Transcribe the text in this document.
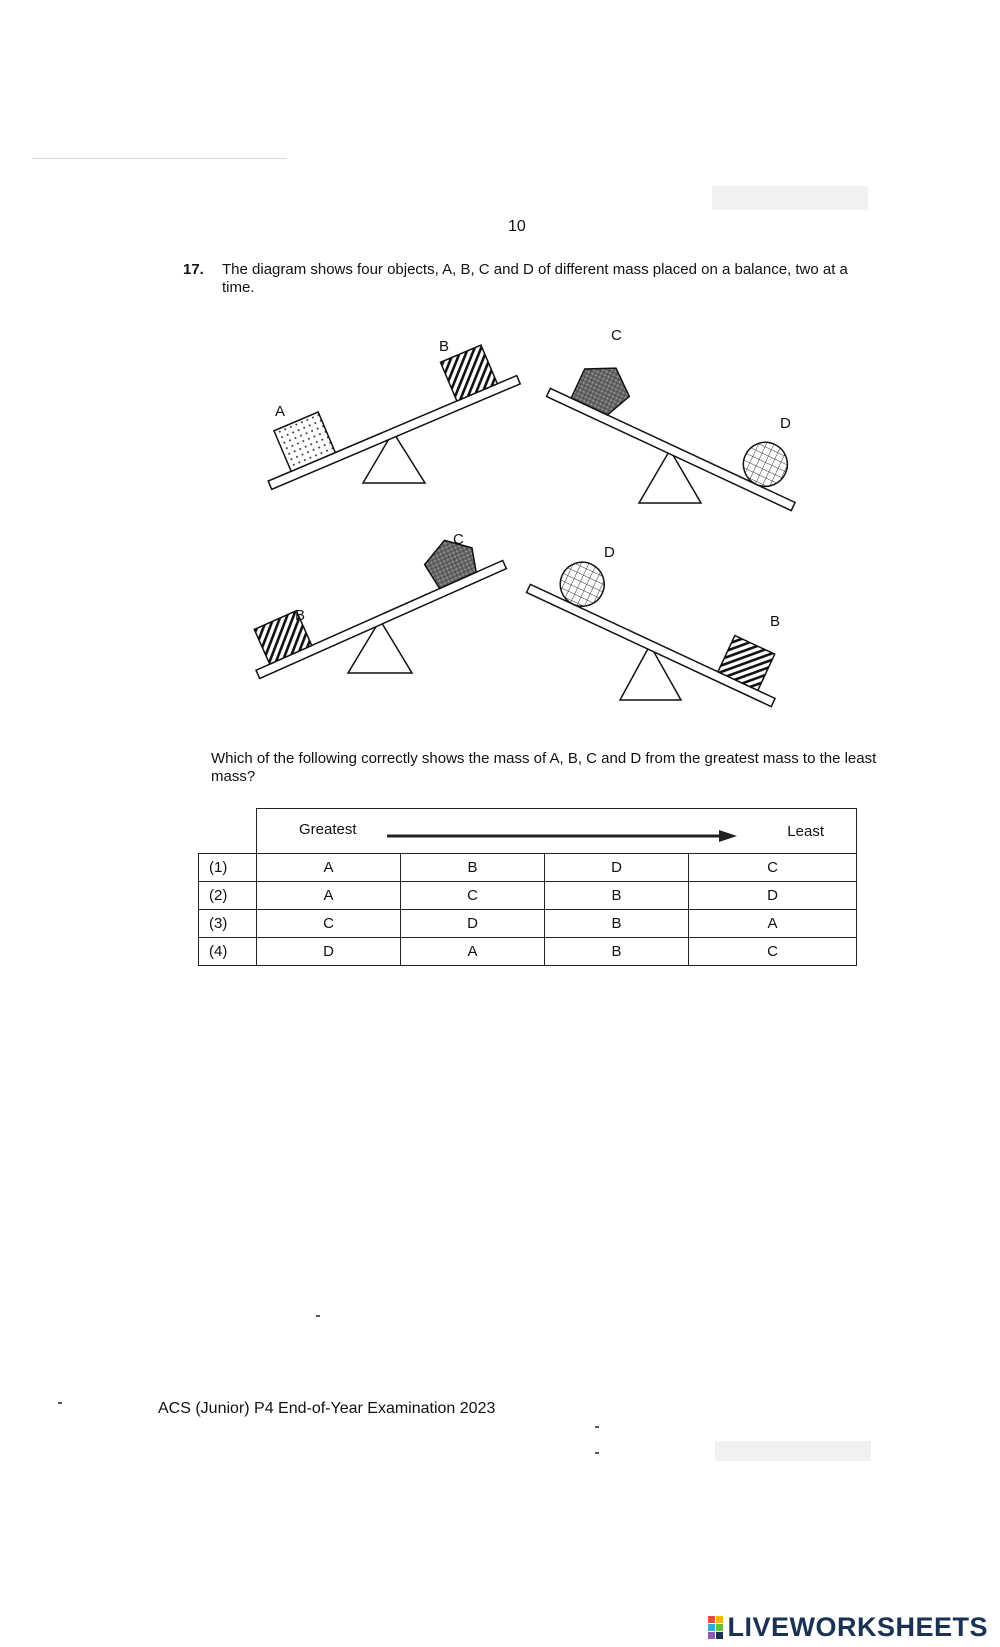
10
17. The diagram shows four objects, A, B, C and D of different mass placed on a balance, two at a time.
A
B
C
D
B
C
D
B
Which of the following correctly shows the mass of A, B, C and D from the greatest mass to the least mass?

	Greatest Least			

(1)	A	B	D	C
(2)	A	C	B	D
(3)	C	D	B	A
(4)	D	A	B	C
ACS (Junior) P4 End-of-Year Examination 2023
LIVEWORKSHEETS
